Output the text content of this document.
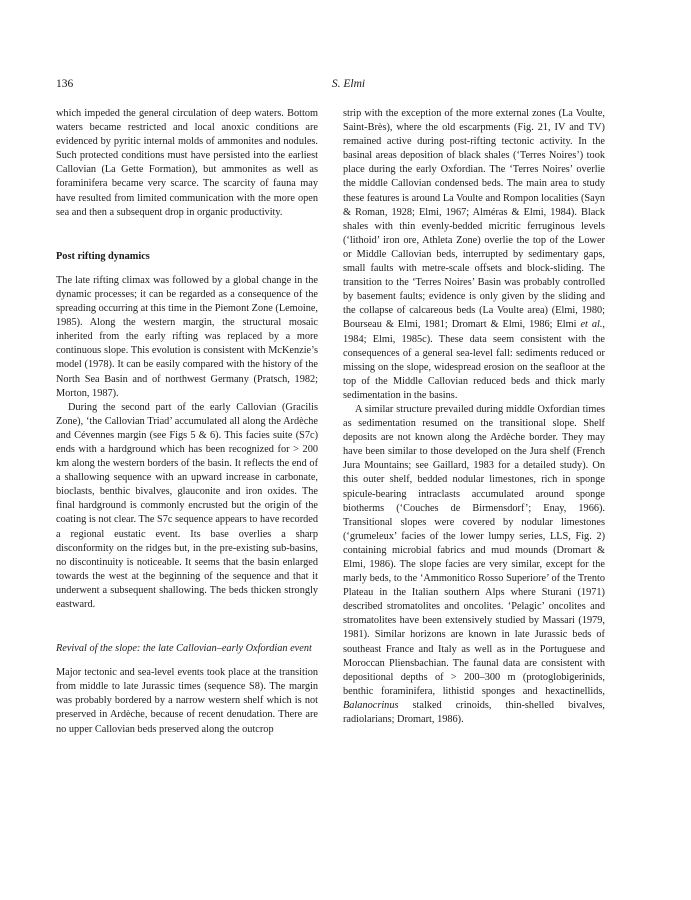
136	S. Elmi

which impeded the general circulation of deep waters. Bottom waters became restricted and local anoxic conditions are evidenced by pyritic internal molds of ammonites and nodules. Such protected conditions must have persisted into the earliest Callovian (La Gette Formation), but ammonites as well as foraminifera became very scarce. The scarcity of fauna may have resulted from limited communication with the more open sea and then a subsequent drop in organic productivity.

Post rifting dynamics

The late rifting climax was followed by a global change in the dynamic processes; it can be regarded as a consequence of the spreading occurring at this time in the Piemont Zone (Lemoine, 1985). Along the western margin, the structural mosaic inherited from the early rifting was replaced by a more continuous slope. This evolution is consistent with McKenzie’s model (1978). It can be easily compared with the history of the North Sea Basin and of northwest Germany (Pratsch, 1982; Morton, 1987).

During the second part of the early Callovian (Gracilis Zone), ‘the Callovian Triad’ accumulated all along the Ardèche and Cévennes margin (see Figs 5 & 6). This facies suite (S7c) ends with a hardground which has been recognized for > 200 km along the western borders of the basin. It reflects the end of a shallowing sequence with an upward increase in carbonate, bioclasts, benthic bivalves, glauconite and iron oxides. The final hardground is commonly encrusted but the origin of the coating is not clear. The S7c sequence appears to have recorded a regional eustatic event. Its base overlies a sharp disconformity on the ridges but, in the pre-existing sub-basins, no discontinuity is noticeable. It seems that the basin enlarged towards the west at the beginning of the sequence and that it underwent a subsequent shallowing. The beds thicken strongly eastward.

Revival of the slope: the late Callovian–early Oxfordian event

Major tectonic and sea-level events took place at the transition from middle to late Jurassic times (sequence S8). The margin was probably bordered by a narrow western shelf which is not preserved in Ardèche, because of recent denudation. There are no upper Callovian beds preserved along the outcrop

strip with the exception of the more external zones (La Voulte, Saint-Brès), where the old escarpments (Fig. 21, IV and TV) remained active during post-rifting tectonic activity. In the basinal areas deposition of black shales (‘Terres Noires’) took place during the early Oxfordian. The ‘Terres Noires’ overlie the middle Callovian condensed beds. The main area to study these features is around La Voulte and Rompon localities (Sayn & Roman, 1928; Elmi, 1967; Alméras & Elmi, 1984). Black shales with thin evenly-bedded micritic ferruginous levels (‘lithoid’ iron ore, Athleta Zone) overlie the top of the Lower or Middle Callovian beds, interrupted by sedimentary gaps, small faults with metre-scale offsets and block-sliding. The transition to the ‘Terres Noires’ Basin was probably controlled by basement faults; evidence is only given by the sliding and the collapse of calcareous beds (La Voulte area) (Elmi, 1980; Bourseau & Elmi, 1981; Dromart & Elmi, 1986; Elmi et al., 1984; Elmi, 1985c). These data seem consistent with the consequences of a general sea-level fall: sediments reduced or missing on the slope, widespread erosion on the seafloor at the top of the Middle Callovian reduced beds and thick marly sedimentation in the basins.

A similar structure prevailed during middle Oxfordian times as sedimentation resumed on the transitional slope. Shelf deposits are not known along the Ardèche border. They may have been similar to those developed on the Jura shelf (French Jura Mountains; see Gaillard, 1983 for a detailed study). On this outer shelf, bedded nodular limestones, rich in sponge spicule-bearing intraclasts accumulated around sponge biotherms (‘Couches de Birmensdorf’; Enay, 1966). Transitional slopes were covered by nodular limestones (‘grumeleux’ facies of the lower lumpy series, LLS, Fig. 2) containing microbial fabrics and mud mounds (Dromart & Elmi, 1986). The slope facies are very similar, except for the marly beds, to the ‘Ammonitico Rosso Superiore’ of the Trento Plateau in the Italian southern Alps where Sturani (1971) described stromatolites and oncolites. ‘Pelagic’ oncolites and stromatolites have been extensively studied by Massari (1979, 1981). Similar horizons are known in late Jurassic beds of southeast France and Italy as well as in the Portuguese and Moroccan Pliensbachian. The faunal data are consistent with depositional depths of > 200–300 m (protoglobigerinids, benthic foraminifera, lithistid sponges and hexactinellids, Balanocrinus stalked crinoids, thin-shelled bivalves, radiolarians; Dromart, 1986).
